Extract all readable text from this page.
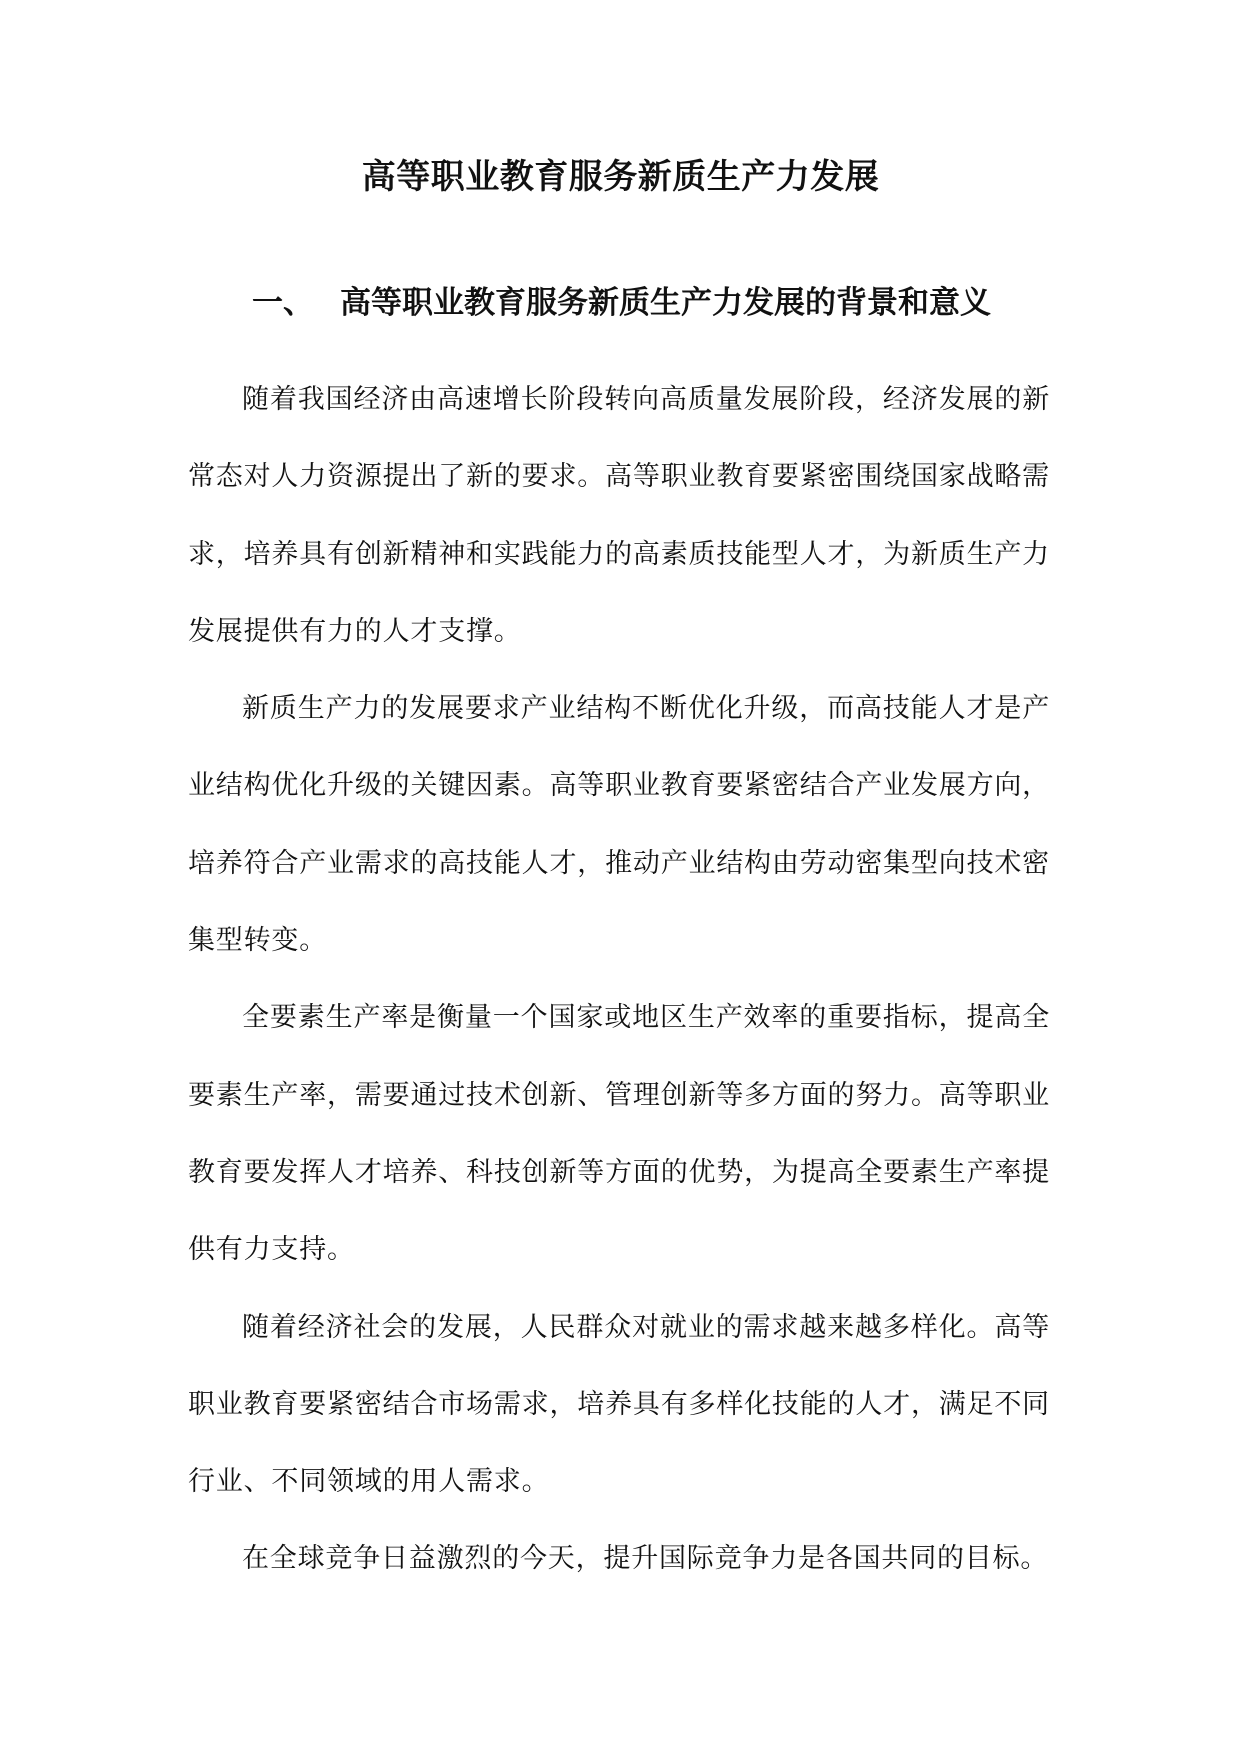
高等职业教育服务新质生产力发展
一、 高等职业教育服务新质生产力发展的背景和意义

随着我国经济由高速增长阶段转向高质量发展阶段，经济发展的新常态对人力资源提出了新的要求。高等职业教育要紧密围绕国家战略需求，培养具有创新精神和实践能力的高素质技能型人才，为新质生产力发展提供有力的人才支撑。

新质生产力的发展要求产业结构不断优化升级，而高技能人才是产业结构优化升级的关键因素。高等职业教育要紧密结合产业发展方向，培养符合产业需求的高技能人才，推动产业结构由劳动密集型向技术密集型转变。

全要素生产率是衡量一个国家或地区生产效率的重要指标，提高全要素生产率，需要通过技术创新、管理创新等多方面的努力。高等职业教育要发挥人才培养、科技创新等方面的优势，为提高全要素生产率提供有力支持。

随着经济社会的发展，人民群众对就业的需求越来越多样化。高等职业教育要紧密结合市场需求，培养具有多样化技能的人才，满足不同行业、不同领域的用人需求。

在全球竞争日益激烈的今天，提升国际竞争力是各国共同的目标。
